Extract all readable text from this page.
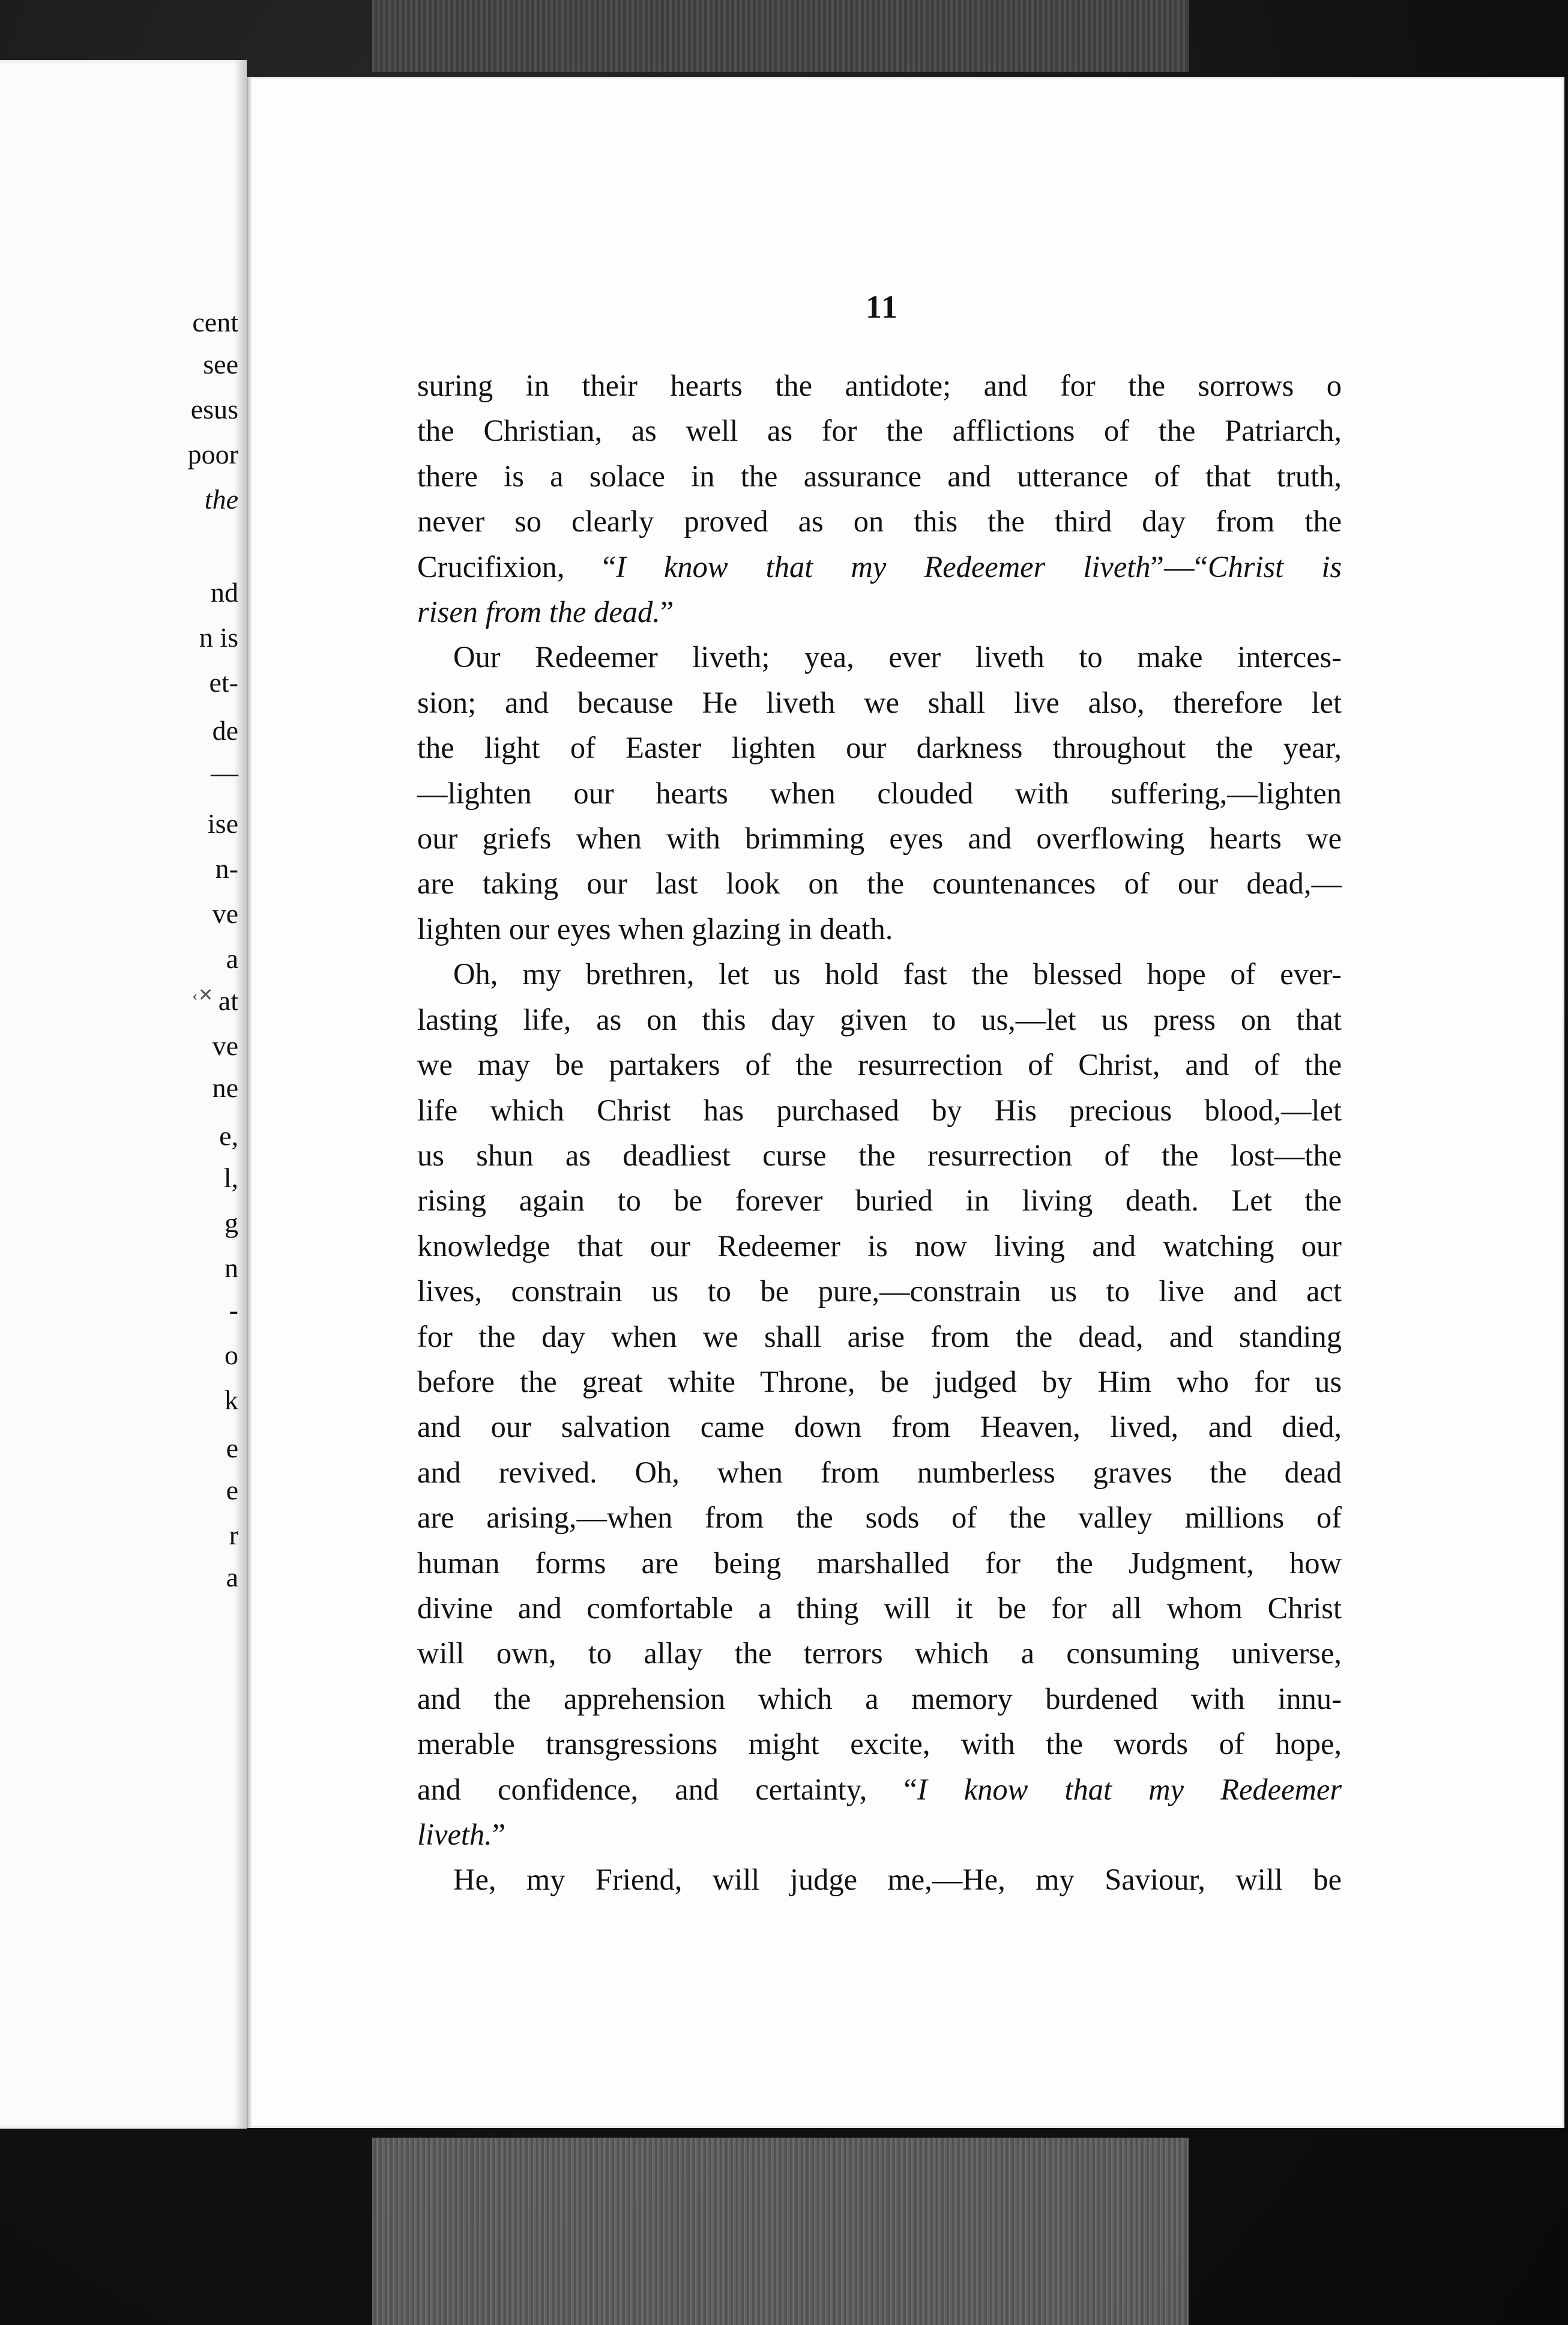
‹✕
cent
see
esus
poor
the
nd
n is
et-
de
—
ise
n-
ve
a
at
ve
ne
e,
l,
g
n
-
o
k
e
e
r
a
11
suring in their hearts the antidote; and for the sorrows o
the Christian, as well as for the afflictions of the Patriarch,
there is a solace in the assurance and utterance of that truth,
never so clearly proved as on this the third day from the
Crucifixion, “I know that my Redeemer liveth”—“Christ is
risen from the dead.”
Our Redeemer liveth; yea, ever liveth to make interces-
sion; and because He liveth we shall live also, therefore let
the light of Easter lighten our darkness throughout the year,
—lighten our hearts when clouded with suffering,—lighten
our griefs when with brimming eyes and overflowing hearts we
are taking our last look on the countenances of our dead,—
lighten our eyes when glazing in death.
Oh, my brethren, let us hold fast the blessed hope of ever-
lasting life, as on this day given to us,—let us press on that
we may be partakers of the resurrection of Christ, and of the
life which Christ has purchased by His precious blood,—let
us shun as deadliest curse the resurrection of the lost—the
rising again to be forever buried in living death. Let the
knowledge that our Redeemer is now living and watching our
lives, constrain us to be pure,—constrain us to live and act
for the day when we shall arise from the dead, and standing
before the great white Throne, be judged by Him who for us
and our salvation came down from Heaven, lived, and died,
and revived. Oh, when from numberless graves the dead
are arising,—when from the sods of the valley millions of
human forms are being marshalled for the Judgment, how
divine and comfortable a thing will it be for all whom Christ
will own, to allay the terrors which a consuming universe,
and the apprehension which a memory burdened with innu-
merable transgressions might excite, with the words of hope,
and confidence, and certainty, “I know that my Redeemer
liveth.”
He, my Friend, will judge me,—He, my Saviour, will be
